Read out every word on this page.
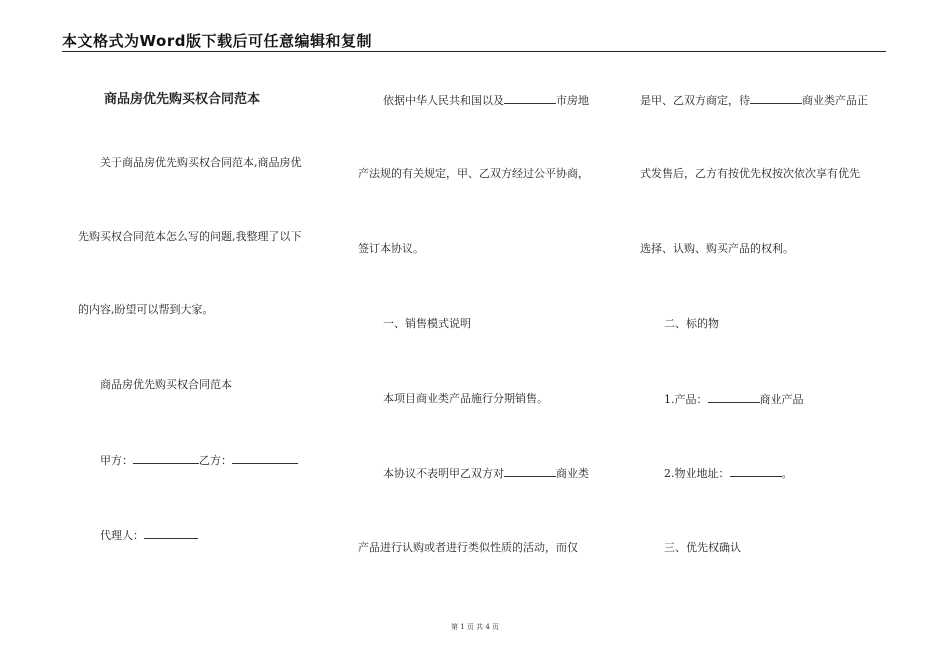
本文格式为Word版下载后可任意编辑和复制
商品房优先购买权合同范本
关于商品房优先购买权合同范本,商品房优
先购买权合同范本怎么写的问题,我整理了以下
的内容,盼望可以帮到大家。
商品房优先购买权合同范本
甲方：	乙方：
代理人：
依据中华人民共和国以及	市房地
产法规的有关规定，甲、乙双方经过公平协商，
签订本协议。
一、销售模式说明
本项目商业类产品施行分期销售。
本协议不表明甲乙双方对	商业类
产品进行认购或者进行类似性质的活动，而仅
是甲、乙双方商定，待	商业类产品正
式发售后，乙方有按优先权按次依次享有优先
选择、认购、购买产品的权利。
二、标的物
1.产品：	商业产品
2.物业地址：	。
三、优先权确认
第 1 页 共 4 页
